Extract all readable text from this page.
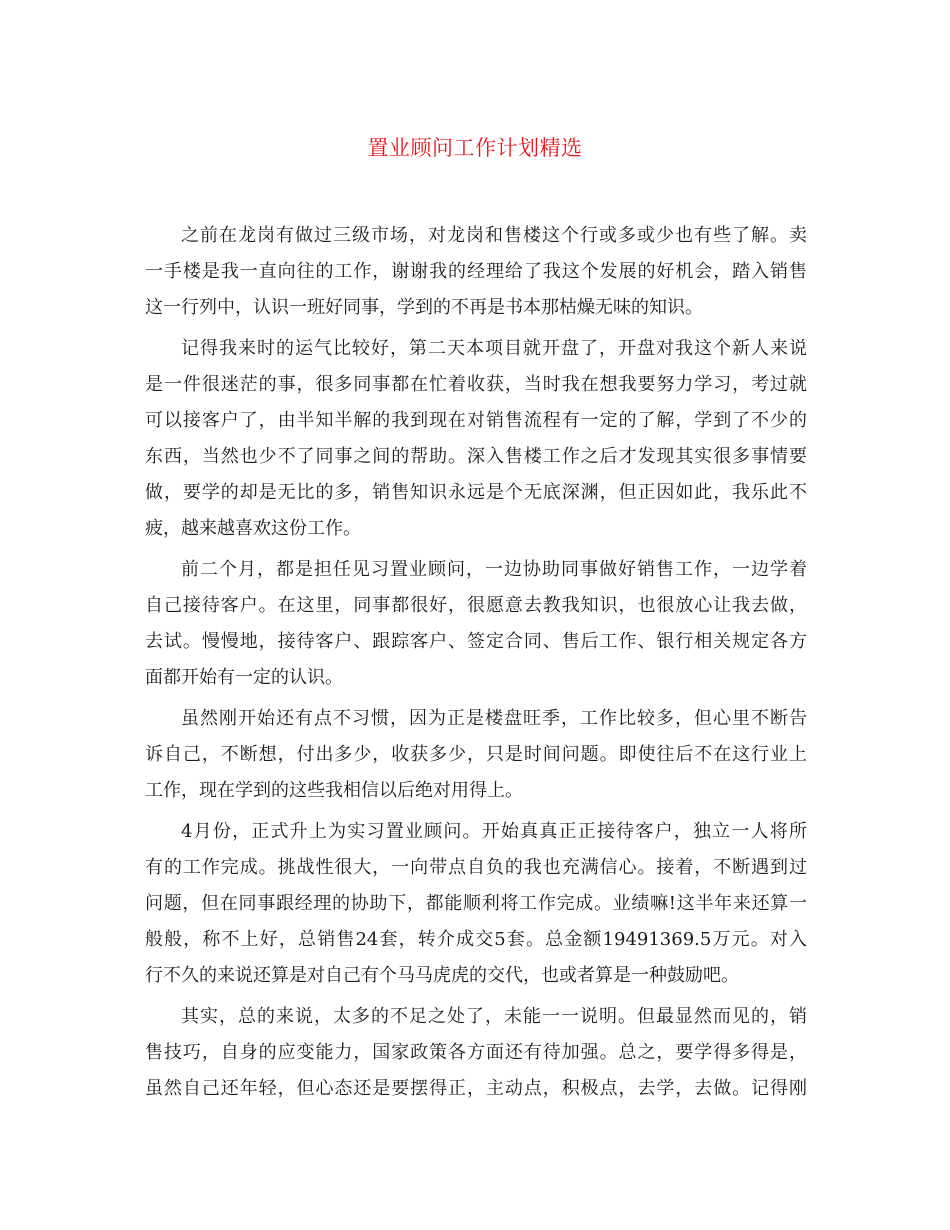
置业顾问工作计划精选
之前在龙岗有做过三级市场，对龙岗和售楼这个行或多或少也有些了解。卖
一手楼是我一直向往的工作，谢谢我的经理给了我这个发展的好机会，踏入销售
这一行列中，认识一班好同事，学到的不再是书本那枯燥无味的知识。
记得我来时的运气比较好，第二天本项目就开盘了，开盘对我这个新人来说
是一件很迷茫的事，很多同事都在忙着收获，当时我在想我要努力学习，考过就
可以接客户了，由半知半解的我到现在对销售流程有一定的了解，学到了不少的
东西，当然也少不了同事之间的帮助。深入售楼工作之后才发现其实很多事情要
做，要学的却是无比的多，销售知识永远是个无底深渊，但正因如此，我乐此不
疲，越来越喜欢这份工作。
前二个月，都是担任见习置业顾问，一边协助同事做好销售工作，一边学着
自己接待客户。在这里，同事都很好，很愿意去教我知识，也很放心让我去做，
去试。慢慢地，接待客户、跟踪客户、签定合同、售后工作、银行相关规定各方
面都开始有一定的认识。
虽然刚开始还有点不习惯，因为正是楼盘旺季，工作比较多，但心里不断告
诉自己，不断想，付出多少，收获多少，只是时间问题。即使往后不在这行业上
工作，现在学到的这些我相信以后绝对用得上。
4月份，正式升上为实习置业顾问。开始真真正正接待客户，独立一人将所
有的工作完成。挑战性很大，一向带点自负的我也充满信心。接着，不断遇到过
问题，但在同事跟经理的协助下，都能顺利将工作完成。业绩嘛!这半年来还算一
般般，称不上好，总销售24套，转介成交5套。总金额19491369.5万元。对入
行不久的来说还算是对自己有个马马虎虎的交代，也或者算是一种鼓励吧。
其实，总的来说，太多的不足之处了，未能一一说明。但最显然而见的，销
售技巧，自身的应变能力，国家政策各方面还有待加强。总之，要学得多得是，
虽然自己还年轻，但心态还是要摆得正，主动点，积极点，去学，去做。记得刚
